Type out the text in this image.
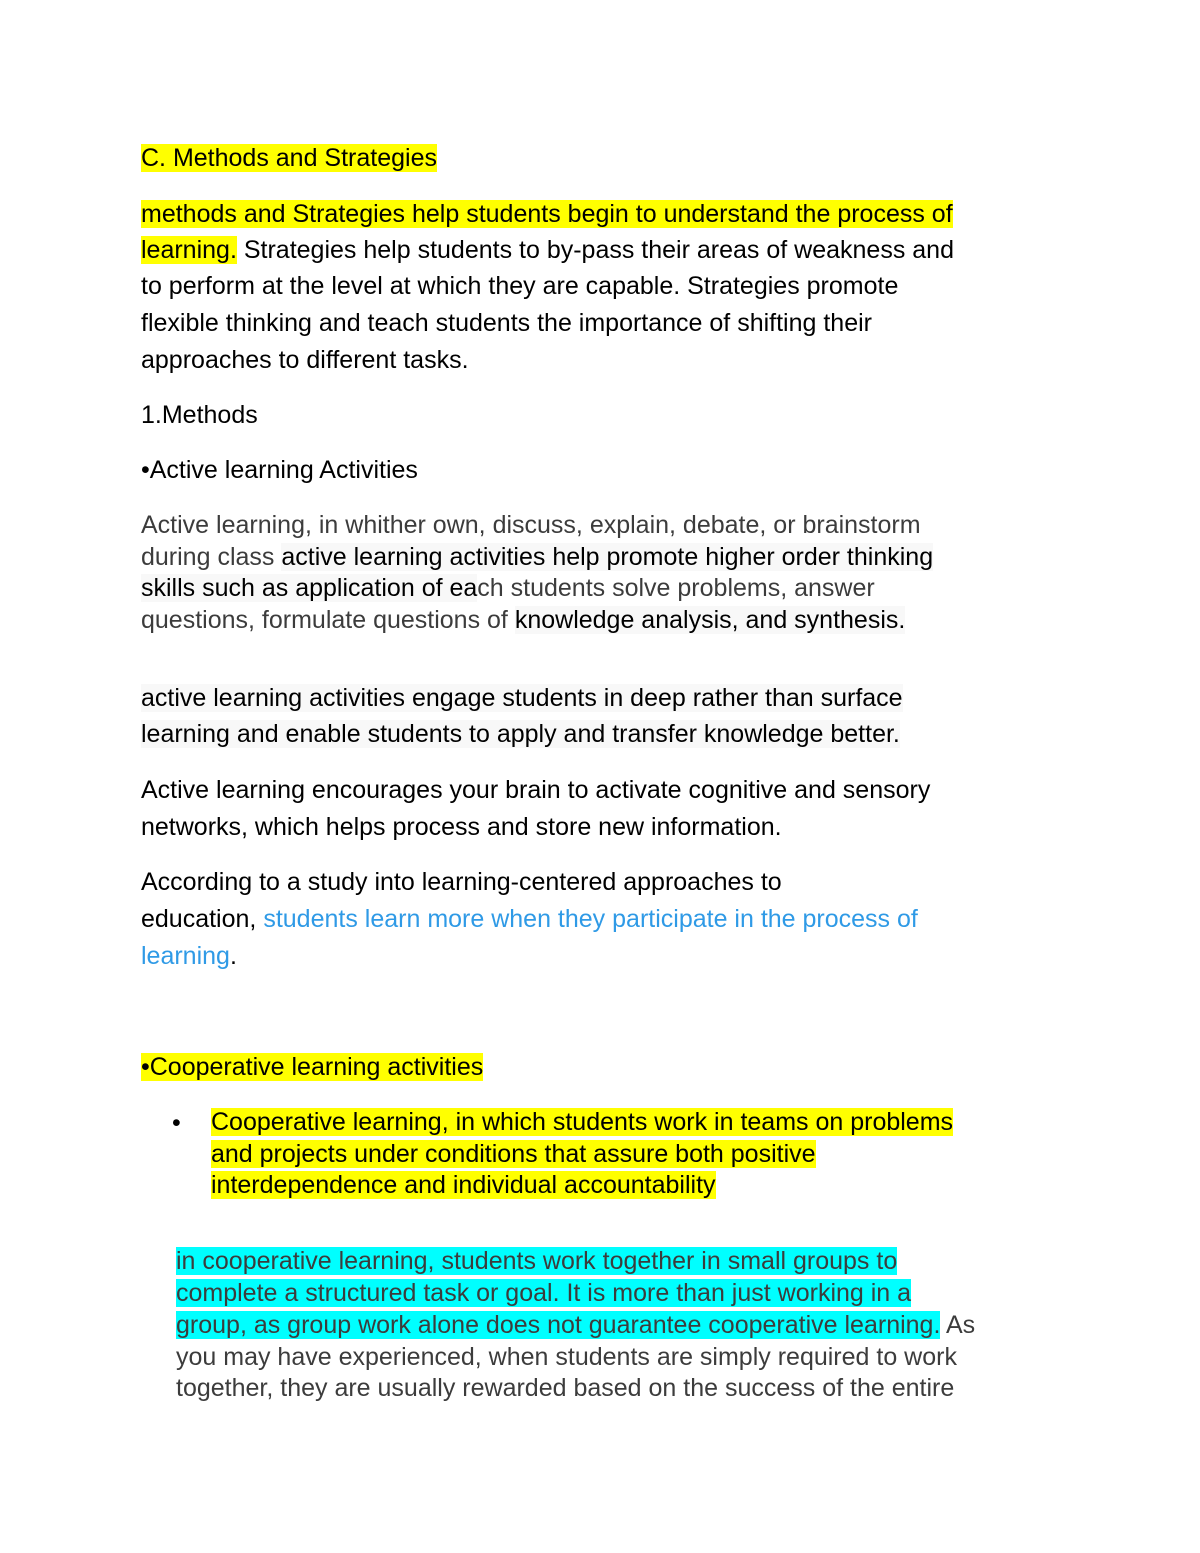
C. Methods and Strategies
methods and Strategies help students begin to understand the process of
learning. Strategies help students to by-pass their areas of weakness and
to perform at the level at which they are capable. Strategies promote
flexible thinking and teach students the importance of shifting their
approaches to different tasks.
1.Methods
•Active learning Activities
Active learning, in whither own, discuss, explain, debate, or brainstorm
during class active learning activities help promote higher order thinking
skills such as application of each students solve problems, answer
questions, formulate questions of knowledge analysis, and synthesis.
active learning activities engage students in deep rather than surface
learning and enable students to apply and transfer knowledge better.
Active learning encourages your brain to activate cognitive and sensory
networks, which helps process and store new information.
According to a study into learning-centered approaches to
education, students learn more when they participate in the process of
learning.
•Cooperative learning activities
• Cooperative learning, in which students work in teams on problems
and projects under conditions that assure both positive
interdependence and individual accountability
in cooperative learning, students work together in small groups to
complete a structured task or goal. It is more than just working in a
group, as group work alone does not guarantee cooperative learning. As
you may have experienced, when students are simply required to work
together, they are usually rewarded based on the success of the entire
